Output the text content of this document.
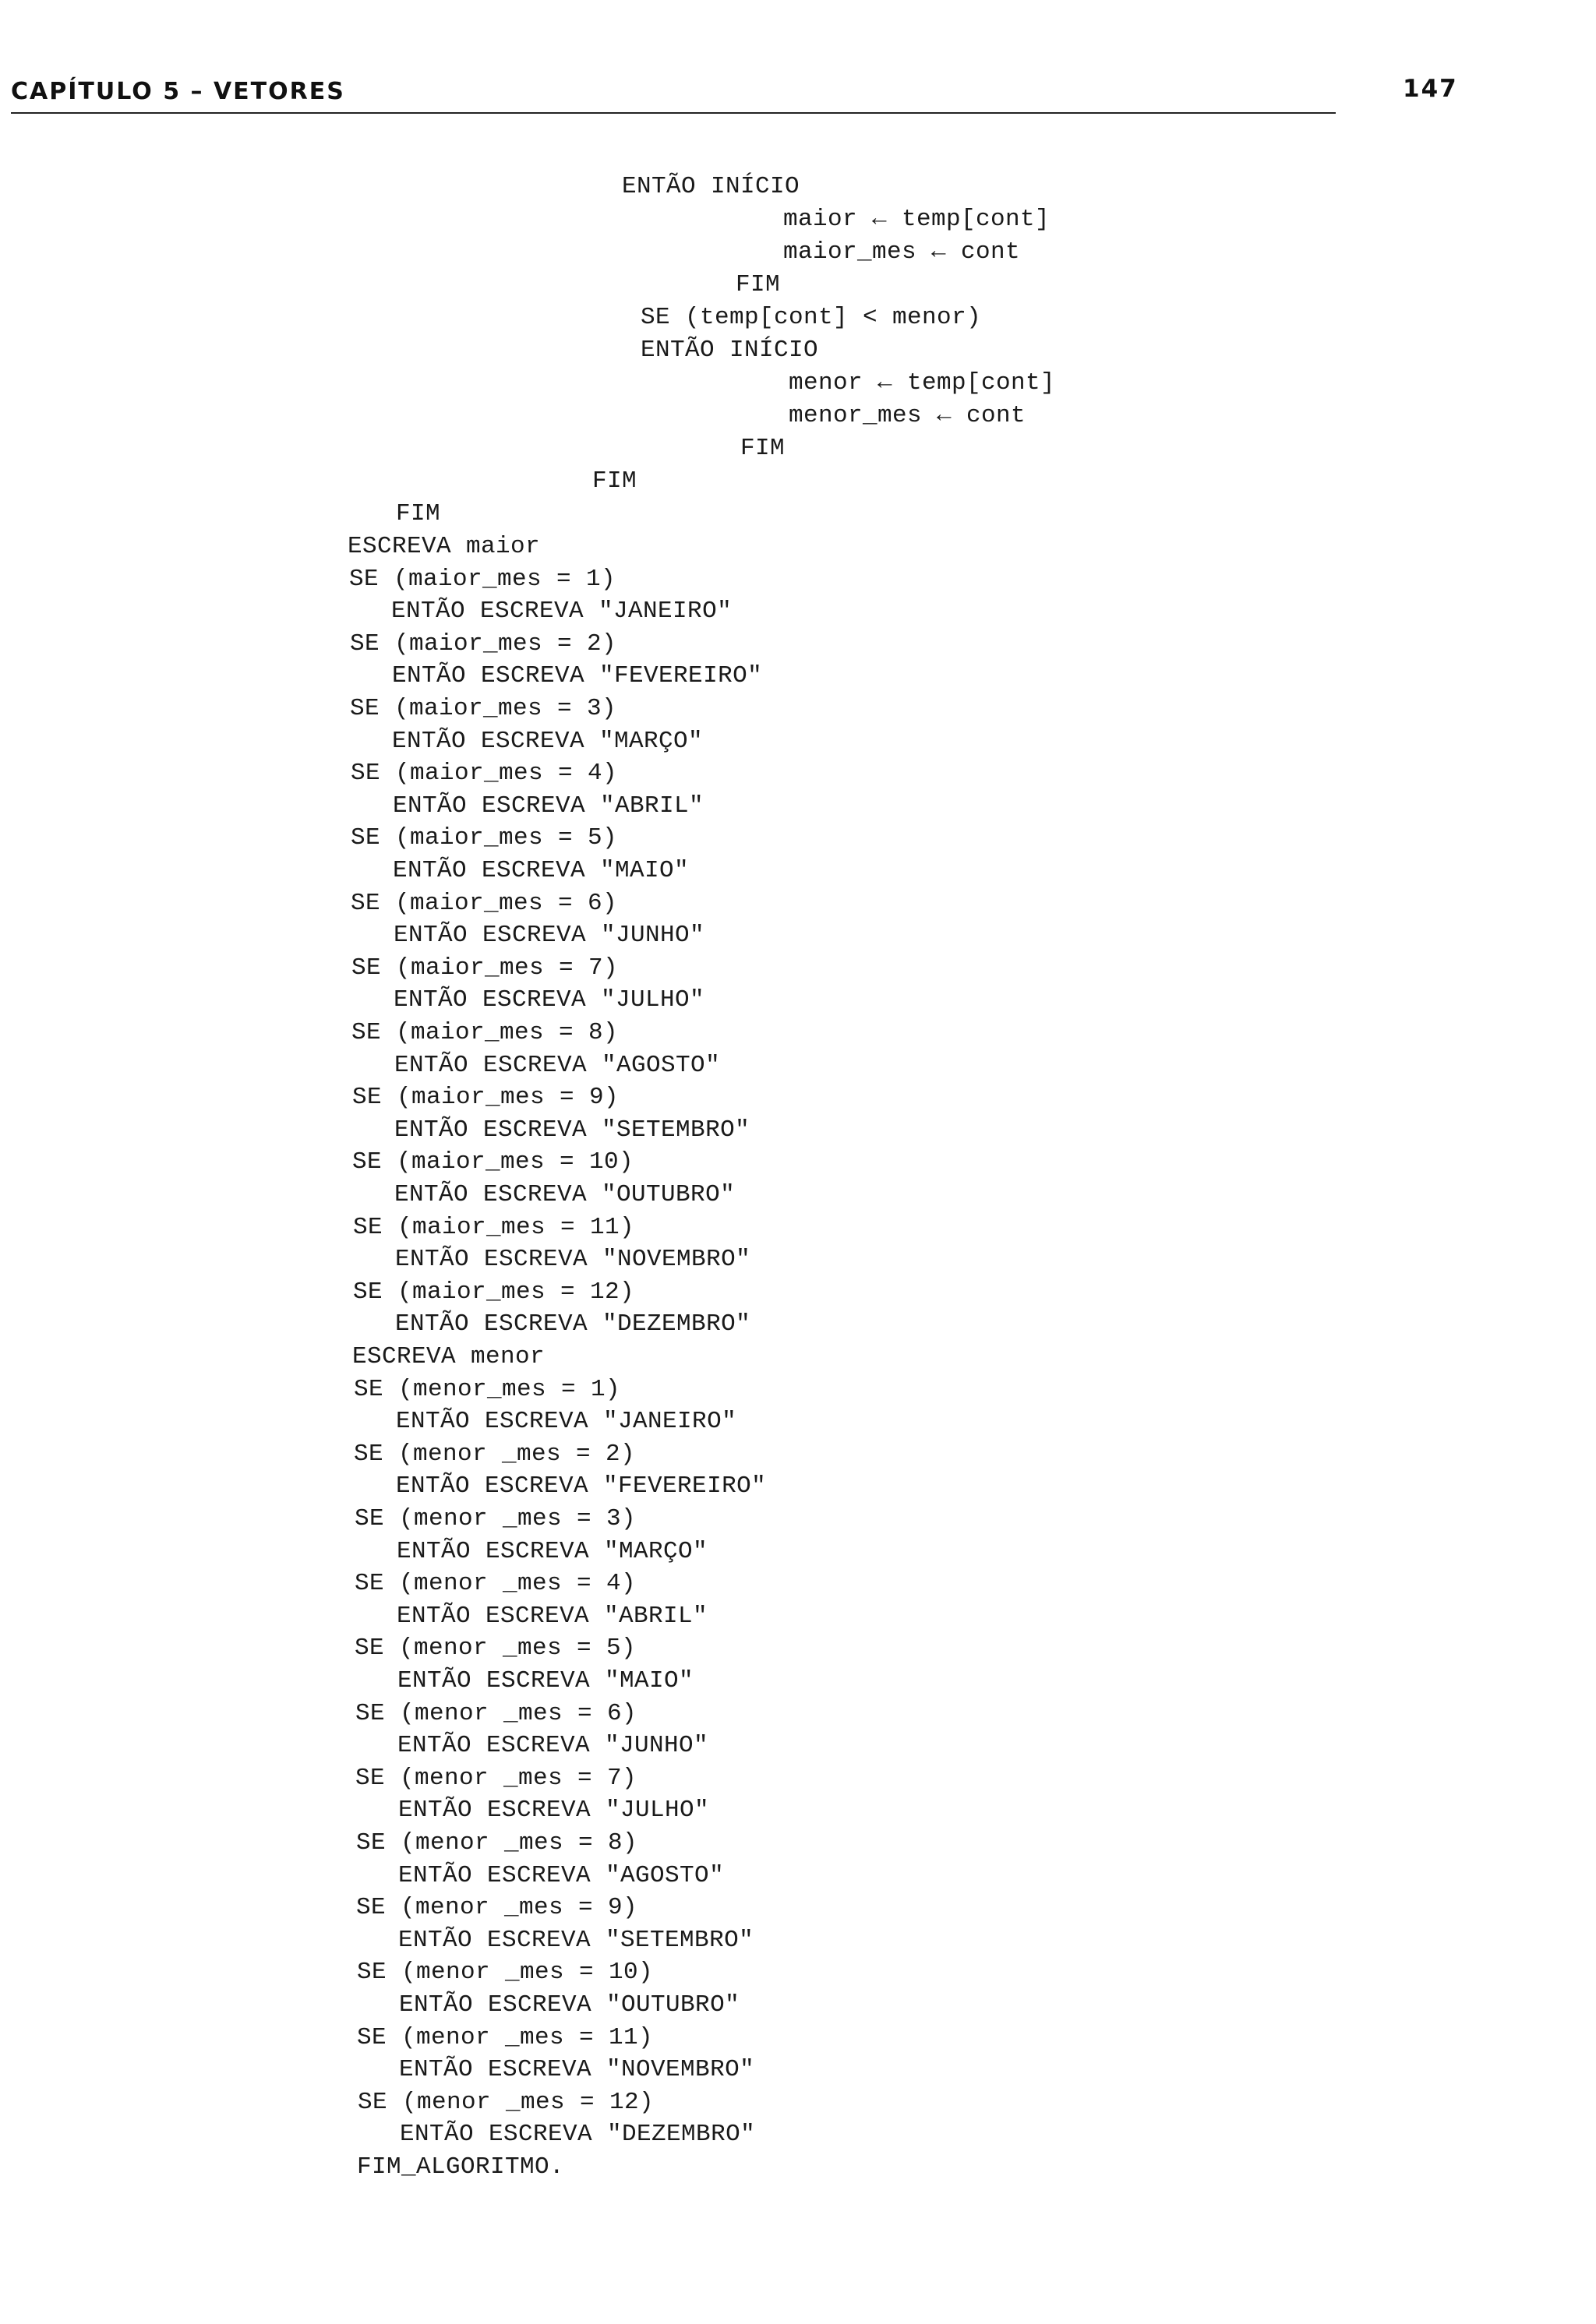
CAPÍTULO 5 – VETORES	147
ENTÃO INÍCIO
maior ← temp[cont]
maior_mes ← cont
FIM
SE (temp[cont] < menor)
ENTÃO INÍCIO
menor ← temp[cont]
menor_mes ← cont
FIM
FIM
FIM
ESCREVA maior
SE (maior_mes = 1)
ENTÃO ESCREVA "JANEIRO"
SE (maior_mes = 2)
ENTÃO ESCREVA "FEVEREIRO"
SE (maior_mes = 3)
ENTÃO ESCREVA "MARÇO"
SE (maior_mes = 4)
ENTÃO ESCREVA "ABRIL"
SE (maior_mes = 5)
ENTÃO ESCREVA "MAIO"
SE (maior_mes = 6)
ENTÃO ESCREVA "JUNHO"
SE (maior_mes = 7)
ENTÃO ESCREVA "JULHO"
SE (maior_mes = 8)
ENTÃO ESCREVA "AGOSTO"
SE (maior_mes = 9)
ENTÃO ESCREVA "SETEMBRO"
SE (maior_mes = 10)
ENTÃO ESCREVA "OUTUBRO"
SE (maior_mes = 11)
ENTÃO ESCREVA "NOVEMBRO"
SE (maior_mes = 12)
ENTÃO ESCREVA "DEZEMBRO"
ESCREVA menor
SE (menor_mes = 1)
ENTÃO ESCREVA "JANEIRO"
SE (menor _mes = 2)
ENTÃO ESCREVA "FEVEREIRO"
SE (menor _mes = 3)
ENTÃO ESCREVA "MARÇO"
SE (menor _mes = 4)
ENTÃO ESCREVA "ABRIL"
SE (menor _mes = 5)
ENTÃO ESCREVA "MAIO"
SE (menor _mes = 6)
ENTÃO ESCREVA "JUNHO"
SE (menor _mes = 7)
ENTÃO ESCREVA "JULHO"
SE (menor _mes = 8)
ENTÃO ESCREVA "AGOSTO"
SE (menor _mes = 9)
ENTÃO ESCREVA "SETEMBRO"
SE (menor _mes = 10)
ENTÃO ESCREVA "OUTUBRO"
SE (menor _mes = 11)
ENTÃO ESCREVA "NOVEMBRO"
SE (menor _mes = 12)
ENTÃO ESCREVA "DEZEMBRO"
FIM_ALGORITMO.
